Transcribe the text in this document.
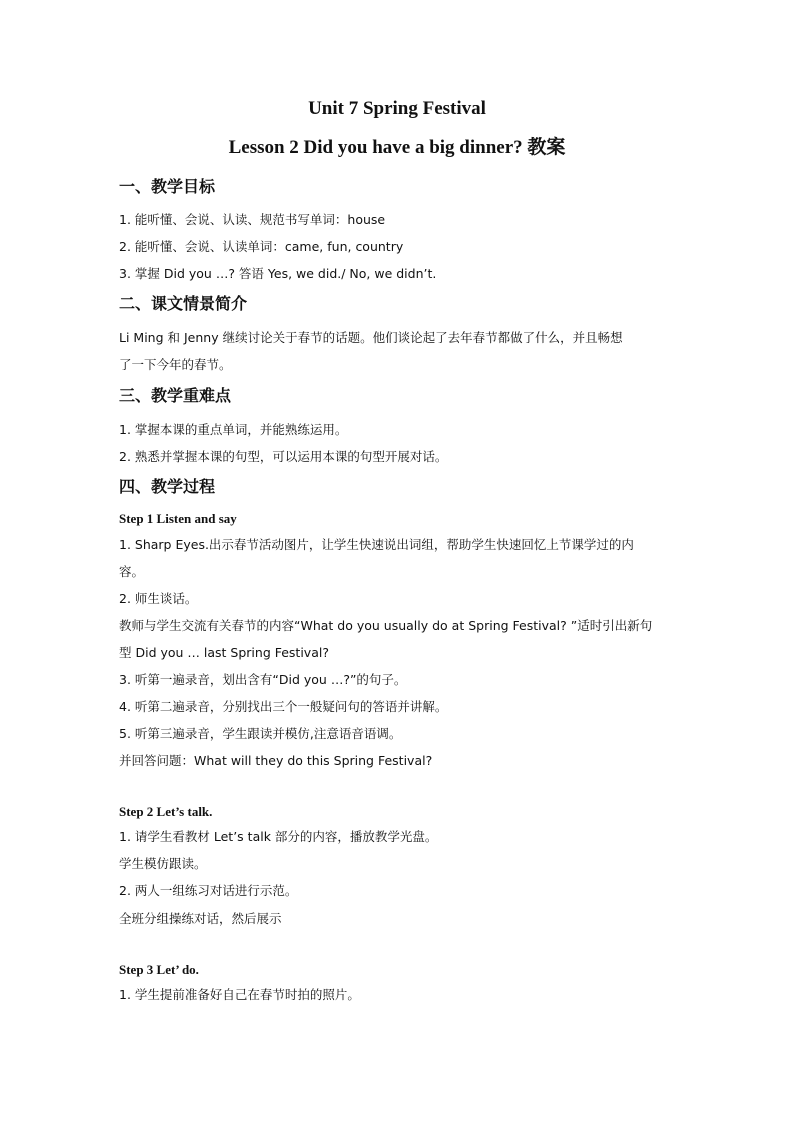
Unit 7 Spring Festival
Lesson 2 Did you have a big dinner? 教案
一、教学目标
1. 能听懂、会说、认读、规范书写单词：house
2. 能听懂、会说、认读单词：came, fun, country
3. 掌握 Did you …? 答语 Yes, we did./ No, we didn’t.
二、课文情景简介
Li Ming 和 Jenny 继续讨论关于春节的话题。他们谈论起了去年春节都做了什么，并且畅想
了一下今年的春节。
三、教学重难点
1. 掌握本课的重点单词，并能熟练运用。
2. 熟悉并掌握本课的句型，可以运用本课的句型开展对话。
四、教学过程
Step 1 Listen and say
1. Sharp Eyes.出示春节活动图片，让学生快速说出词组，帮助学生快速回忆上节课学过的内
容。
2. 师生谈话。
教师与学生交流有关春节的内容“What do you usually do at Spring Festival? ”适时引出新句
型 Did you … last Spring Festival?
3. 听第一遍录音，划出含有“Did you …?”的句子。
4. 听第二遍录音，分别找出三个一般疑问句的答语并讲解。
5. 听第三遍录音，学生跟读并模仿,注意语音语调。
并回答问题：What will they do this Spring Festival?
Step 2 Let’s talk.
1. 请学生看教材 Let’s talk 部分的内容，播放教学光盘。
学生模仿跟读。
2. 两人一组练习对话进行示范。
全班分组操练对话，然后展示
Step 3 Let’ do.
1. 学生提前准备好自己在春节时拍的照片。
